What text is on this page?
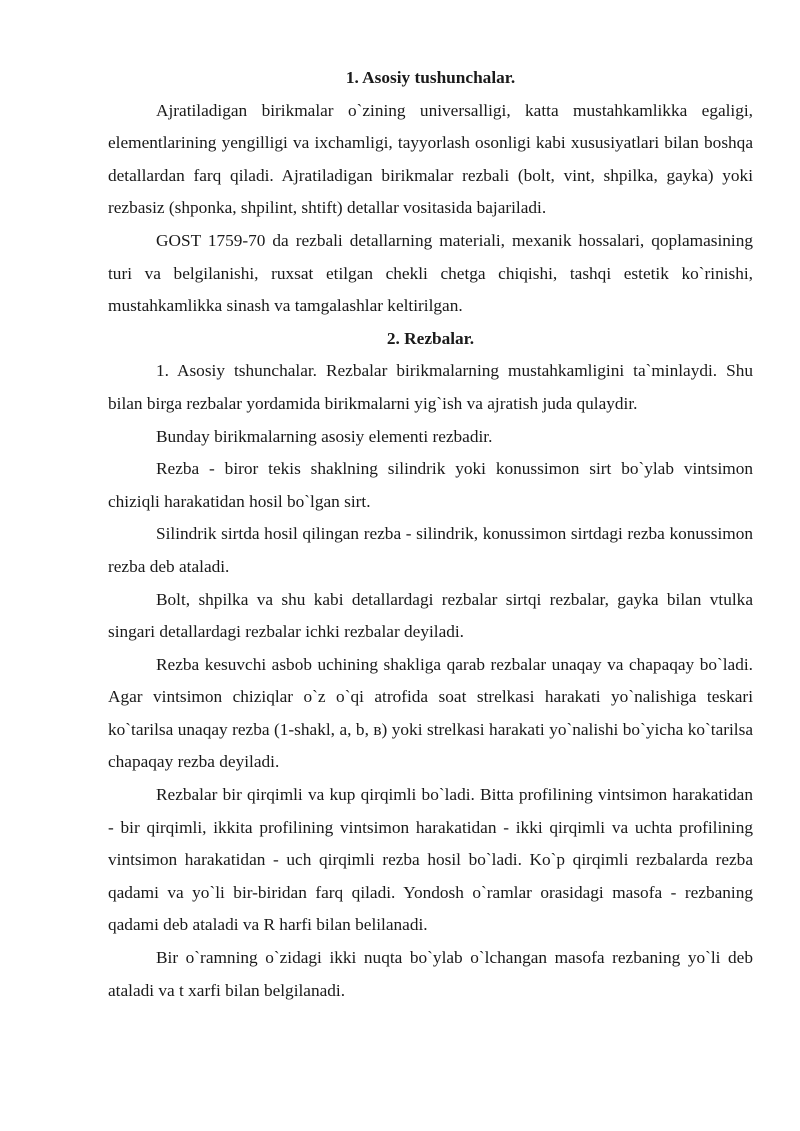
1. Asosiy tushunchalar.

Ajratiladigan birikmalar o`zining universalligi, katta mustahkamlikka egaligi, elementlarining yengilligi va ixchamligi, tayyorlash osonligi kabi xususiyatlari bilan boshqa detallardan farq qiladi. Ajratiladigan birikmalar rezbali (bolt, vint, shpilka, gayka) yoki rezbasiz (shponka, shpilint, shtift) detallar vositasida bajariladi.

GOST 1759-70 da rezbali detallarning materiali, mexanik hossalari, qoplamasining turi va belgilanishi, ruxsat etilgan chekli chetga chiqishi, tashqi estetik ko`rinishi, mustahkamlikka sinash va tamgalashlar keltirilgan.

2. Rezbalar.

1. Asosiy tshunchalar. Rezbalar birikmalarning mustahkamligini ta`minlaydi. Shu bilan birga rezbalar yordamida birikmalarni yig`ish va ajratish juda qulaydir.

Bunday birikmalarning asosiy elementi rezbadir.

Rezba - biror tekis shaklning silindrik yoki konussimon sirt bo`ylab vintsimon chiziqli harakatidan hosil bo`lgan sirt.

Silindrik sirtda hosil qilingan rezba - silindrik, konussimon sirtdagi rezba konussimon rezba deb ataladi.

Bolt, shpilka va shu kabi detallardagi rezbalar sirtqi rezbalar, gayka bilan vtulka singari detallardagi rezbalar ichki rezbalar deyiladi.

Rezba kesuvchi asbob uchining shakliga qarab rezbalar unaqay va chapaqay bo`ladi. Agar vintsimon chiziqlar o`z o`qi atrofida soat strelkasi harakati yo`nalishiga teskari ko`tarilsa unaqay rezba (1-shakl, a, b, в) yoki strelkasi harakati yo`nalishi bo`yicha ko`tarilsa chapaqay rezba deyiladi.

Rezbalar bir qirqimli va kup qirqimli bo`ladi. Bitta profilining vintsimon harakatidan - bir qirqimli, ikkita profilining vintsimon harakatidan - ikki qirqimli va uchta profilining vintsimon harakatidan - uch qirqimli rezba hosil bo`ladi. Ko`p qirqimli rezbalarda rezba qadami va yo`li bir-biridan farq qiladi. Yondosh o`ramlar orasidagi masofa - rezbaning qadami deb ataladi va R harfi bilan belilanadi.

Bir o`ramning o`zidagi ikki nuqta bo`ylab o`lchangan masofa rezbaning yo`li deb ataladi va t xarfi bilan belgilanadi.
